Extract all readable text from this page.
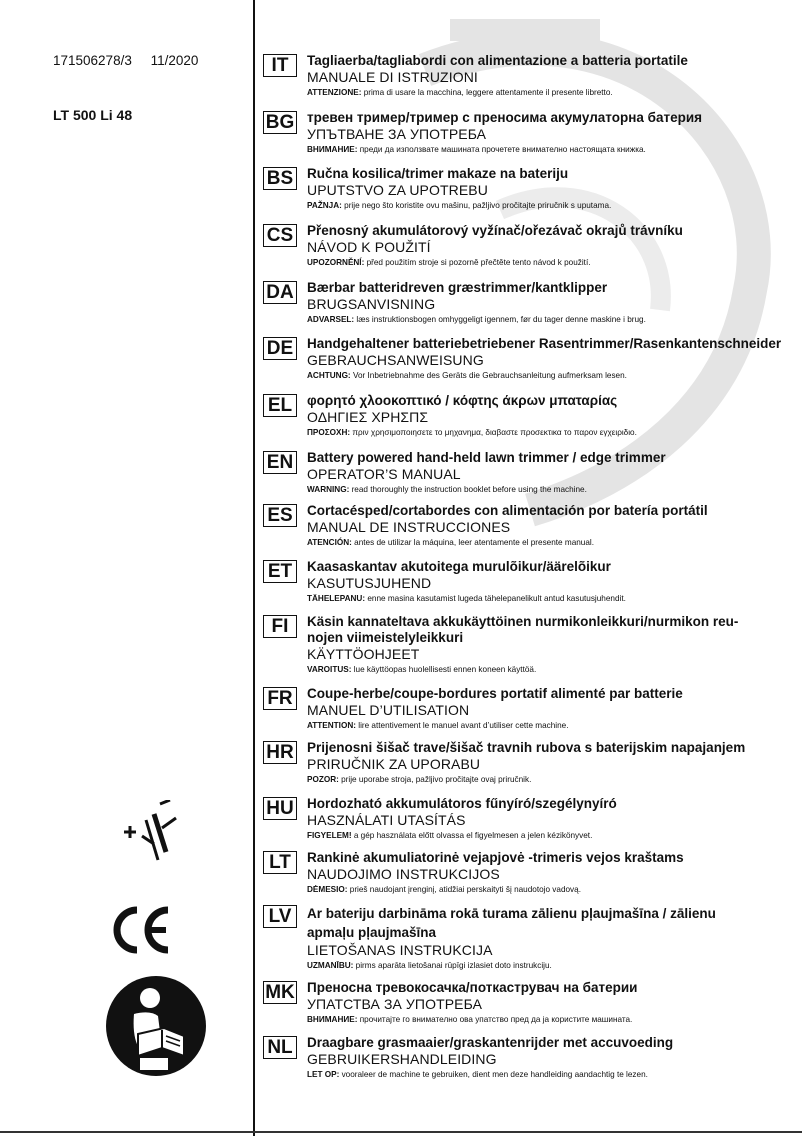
171506278/3 11/2020
LT 500 Li 48
IT	Tagliaerba/tagliabordi con alimentazione a batteria portatile
MANUALE DI ISTRUZIONI
ATTENZIONE: prima di usare la macchina, leggere attentamente il presente libretto.
BG тревен тример/тример с преносима акумулаторна батерия
УПЪТВАНЕ ЗА УПОТРЕБА
ВНИМАНИЕ: преди да използвате машината прочетете внимателно настоящата книжка.
BS Ručna kosilica/trimer makaze na bateriju
UPUTSTVO ZA UPOTREBU
PAŽNJA: prije nego što koristite ovu mašinu, pažljivo pročitajte priručnik s uputama.
CS Přenosný akumulátorový vyžínač/ořezávač okrajů trávníku
NÁVOD K POUŽITÍ
UPOZORNĚNÍ: před použitím stroje si pozorně přečtěte tento návod k použití.
DA Bærbar batteridreven græstrimmer/kantklipper
BRUGSANVISNING
ADVARSEL: læs instruktionsbogen omhyggeligt igennem, før du tager denne maskine i brug.
DE Handgehaltener batteriebetriebener Rasentrimmer/Rasenkantenschneider
GEBRAUCHSANWEISUNG
ACHTUNG: Vor Inbetriebnahme des Geräts die Gebrauchsanleitung aufmerksam lesen.
EL	φορητό χλοοκοπτικό / κόφτης άκρων μπαταρίας
ΟΔΗΓΙΕΣ ΧΡΗΣΠΣ
ΠΡΟΣΟΧΗ: πριν χρησιμοποιησετε το μηχανημα, διαβαστε προσεκτικα το παρον εγχειριδιο.
EN Battery powered hand-held lawn trimmer / edge trimmer
OPERATOR’S MANUAL
WARNING: read thoroughly the instruction booklet before using the machine.
ES	Cortacésped/cortabordes con alimentación por batería portátil
MANUAL DE INSTRUCCIONES
ATENCIÓN: antes de utilizar la máquina, leer atentamente el presente manual.
ET	Kaasaskantav akutoitega murulõikur/äärelõikur
KASUTUSJUHEND
TÄHELEPANU: enne masina kasutamist lugeda tähelepanelikult antud kasutusjuhendit.
FI	Käsin kannateltava akkukäyttöinen nurmikonleikkuri/nurmikon reu-nojen viimeistelyleikkuri
KÄYTTÖOHJEET
VAROITUS: lue käyttöopas huolellisesti ennen koneen käyttöä.
FR	Coupe-herbe/coupe-bordures portatif alimenté par batterie
MANUEL D’UTILISATION
ATTENTION: lire attentivement le manuel avant d’utiliser cette machine.
HR Prijenosni šišač trave/šišač travnih rubova s baterijskim napajanjem
PRIRUČNIK ZA UPORABU
POZOR: prije uporabe stroja, pažljivo pročitajte ovaj priručnik.
HU Hordozható akkumulátoros fűnyíró/szegélynyíró
HASZNÁLATI UTASÍTÁS
FIGYELEM! a gép használata előtt olvassa el figyelmesen a jelen kézikönyvet.
LT	Rankinė akumuliatorinė vejapjovė -trimeris vejos kraštams
NAUDOJIMO INSTRUKCIJOS
DĖMESIO: prieš naudojant įrenginį, atidžiai perskaityti šį naudotojo vadovą.
LV	Ar bateriju darbināma rokā turama zālienu pļaujmašīna / zālienu apmaļu pļaujmašīna
LIETOŠANAS INSTRUKCIJA
UZMANĪBU: pirms aparāta lietošanai rūpīgi izlasiet doto instrukciju.
MK Преносна тревокосачка/поткаструвач на батерии
УПАТСТВА ЗА УПОТРЕБА
ВНИМАНИЕ: прочитајте го внимателно ова упатство пред да ја користите машината.
NL	Draagbare grasmaaier/graskantenrijder met accuvoeding
GEBRUIKERSHANDLEIDING
LET OP: vooraleer de machine te gebruiken, dient men deze handleiding aandachtig te lezen.
